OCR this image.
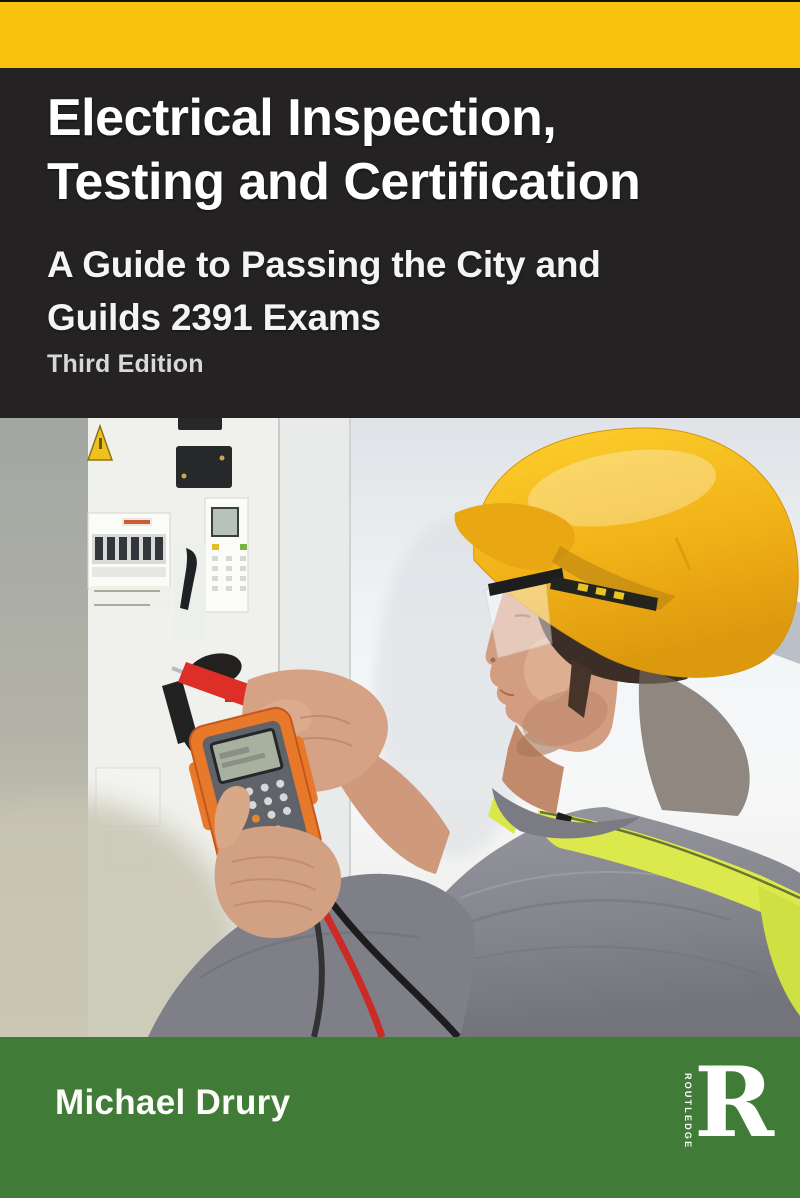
Electrical Inspection,
Testing and Certification
A Guide to Passing the City and
Guilds 2391 Exams

Third Edition

Michael Drury	ROUTLEDGE R
